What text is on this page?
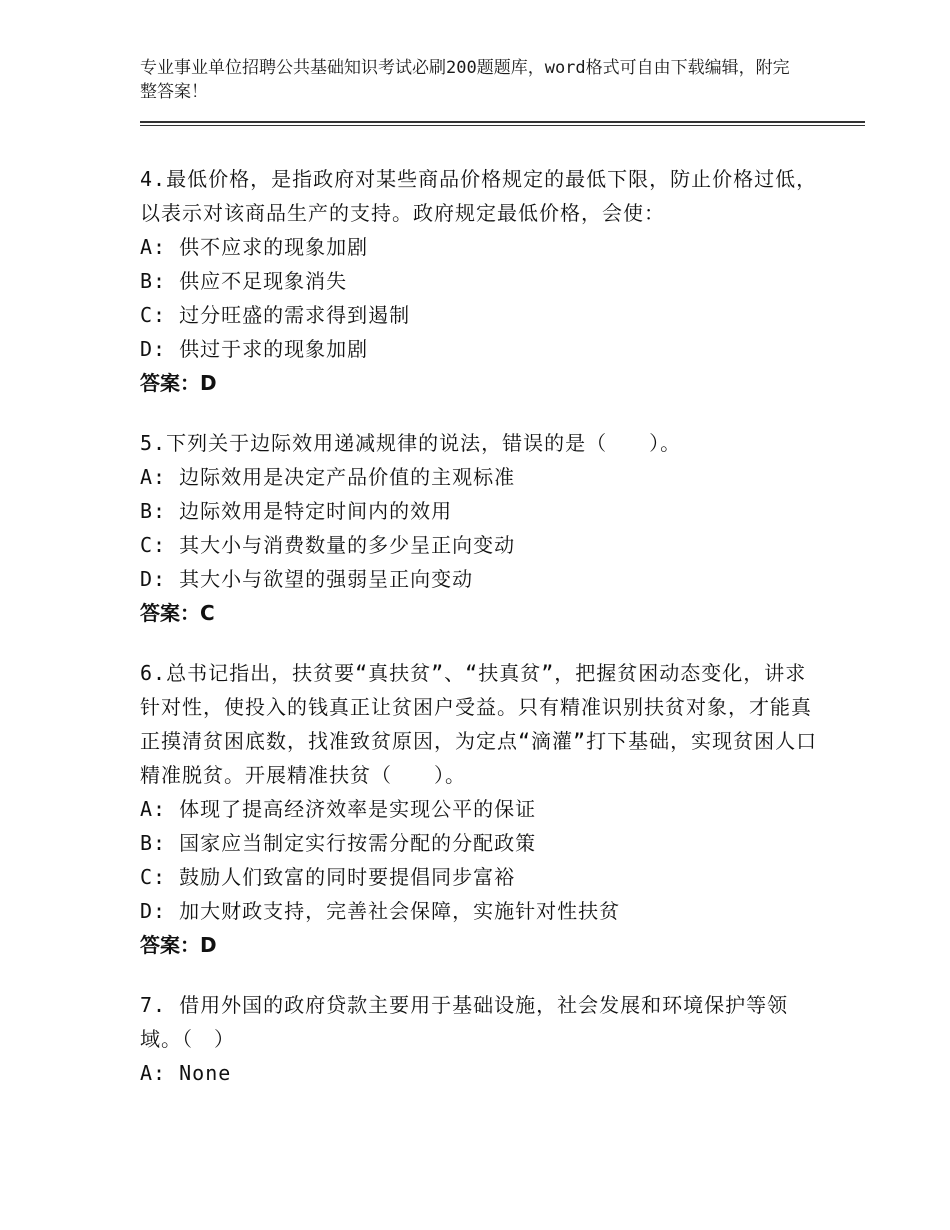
专业事业单位招聘公共基础知识考试必刷200题题库，word格式可自由下载编辑，附完整答案！

4.最低价格，是指政府对某些商品价格规定的最低下限，防止价格过低，以表示对该商品生产的支持。政府规定最低价格，会使：

A: 供不应求的现象加剧

B: 供应不足现象消失

C: 过分旺盛的需求得到遏制

D: 供过于求的现象加剧

答案：D

5.下列关于边际效用递减规律的说法，错误的是（　　）。

A: 边际效用是决定产品价值的主观标准

B: 边际效用是特定时间内的效用

C: 其大小与消费数量的多少呈正向变动

D: 其大小与欲望的强弱呈正向变动

答案：C

6.总书记指出，扶贫要“真扶贫”、“扶真贫”，把握贫困动态变化，讲求针对性，使投入的钱真正让贫困户受益。只有精准识别扶贫对象，才能真正摸清贫困底数，找准致贫原因，为定点“滴灌”打下基础，实现贫困人口精准脱贫。开展精准扶贫（　　）。

A: 体现了提高经济效率是实现公平的保证

B: 国家应当制定实行按需分配的分配政策

C: 鼓励人们致富的同时要提倡同步富裕

D: 加大财政支持，完善社会保障，实施针对性扶贫

答案：D

7. 借用外国的政府贷款主要用于基础设施，社会发展和环境保护等领域。（　）

A: None
